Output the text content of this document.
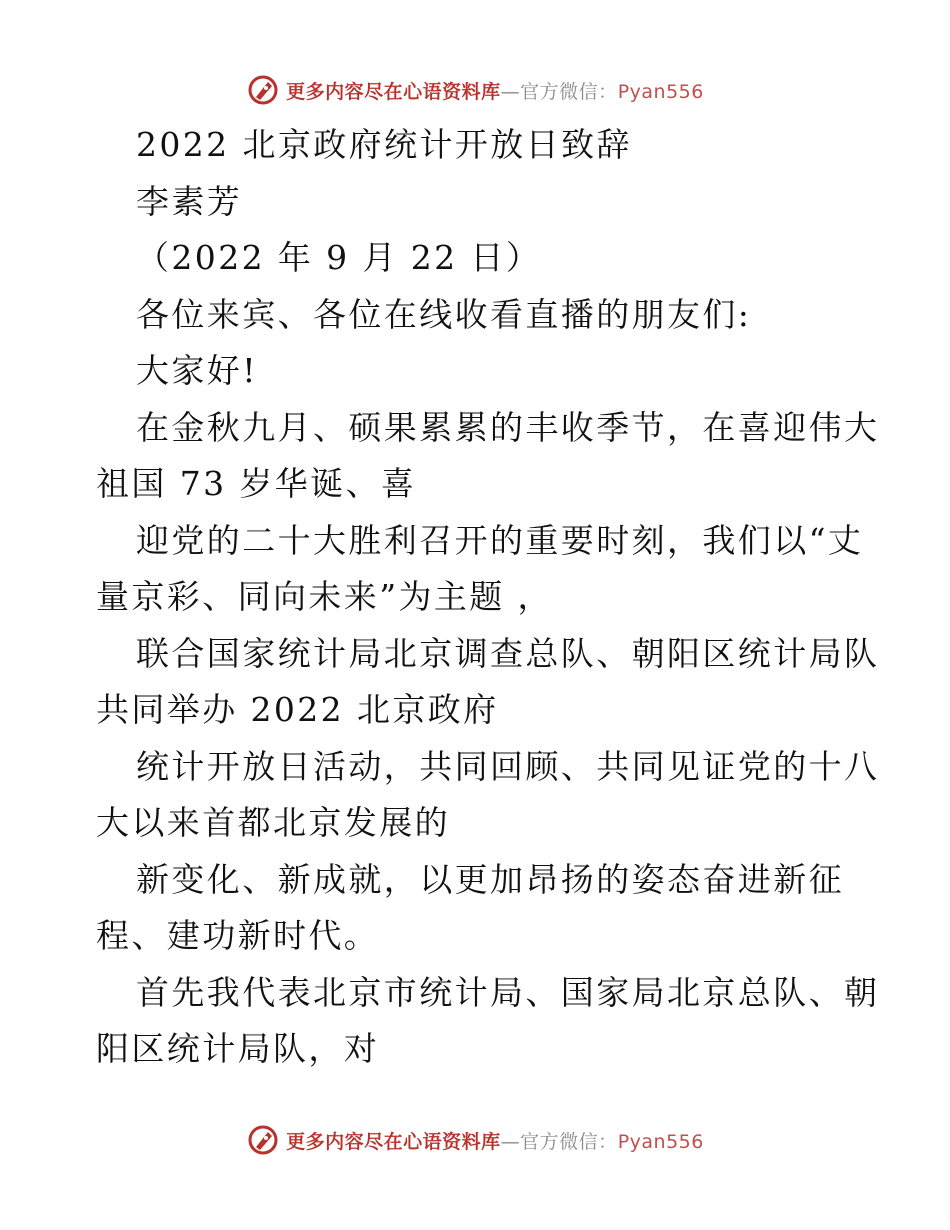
更多内容尽在心语资料库—官方微信：Pyan556
2022 北京政府统计开放日致辞
李素芳
（2022 年 9 月 22 日）
各位来宾、各位在线收看直播的朋友们:
大家好!
在金秋九月、硕果累累的丰收季节，在喜迎伟大
祖国 73 岁华诞、喜
迎党的二十大胜利召开的重要时刻，我们以“丈
量京彩、同向未来”为主题 ，
联合国家统计局北京调查总队、朝阳区统计局队
共同举办 2022 北京政府
统计开放日活动，共同回顾、共同见证党的十八
大以来首都北京发展的
新变化、新成就，以更加昂扬的姿态奋进新征
程、建功新时代。
首先我代表北京市统计局、国家局北京总队、朝
阳区统计局队，对
更多内容尽在心语资料库—官方微信：Pyan556
